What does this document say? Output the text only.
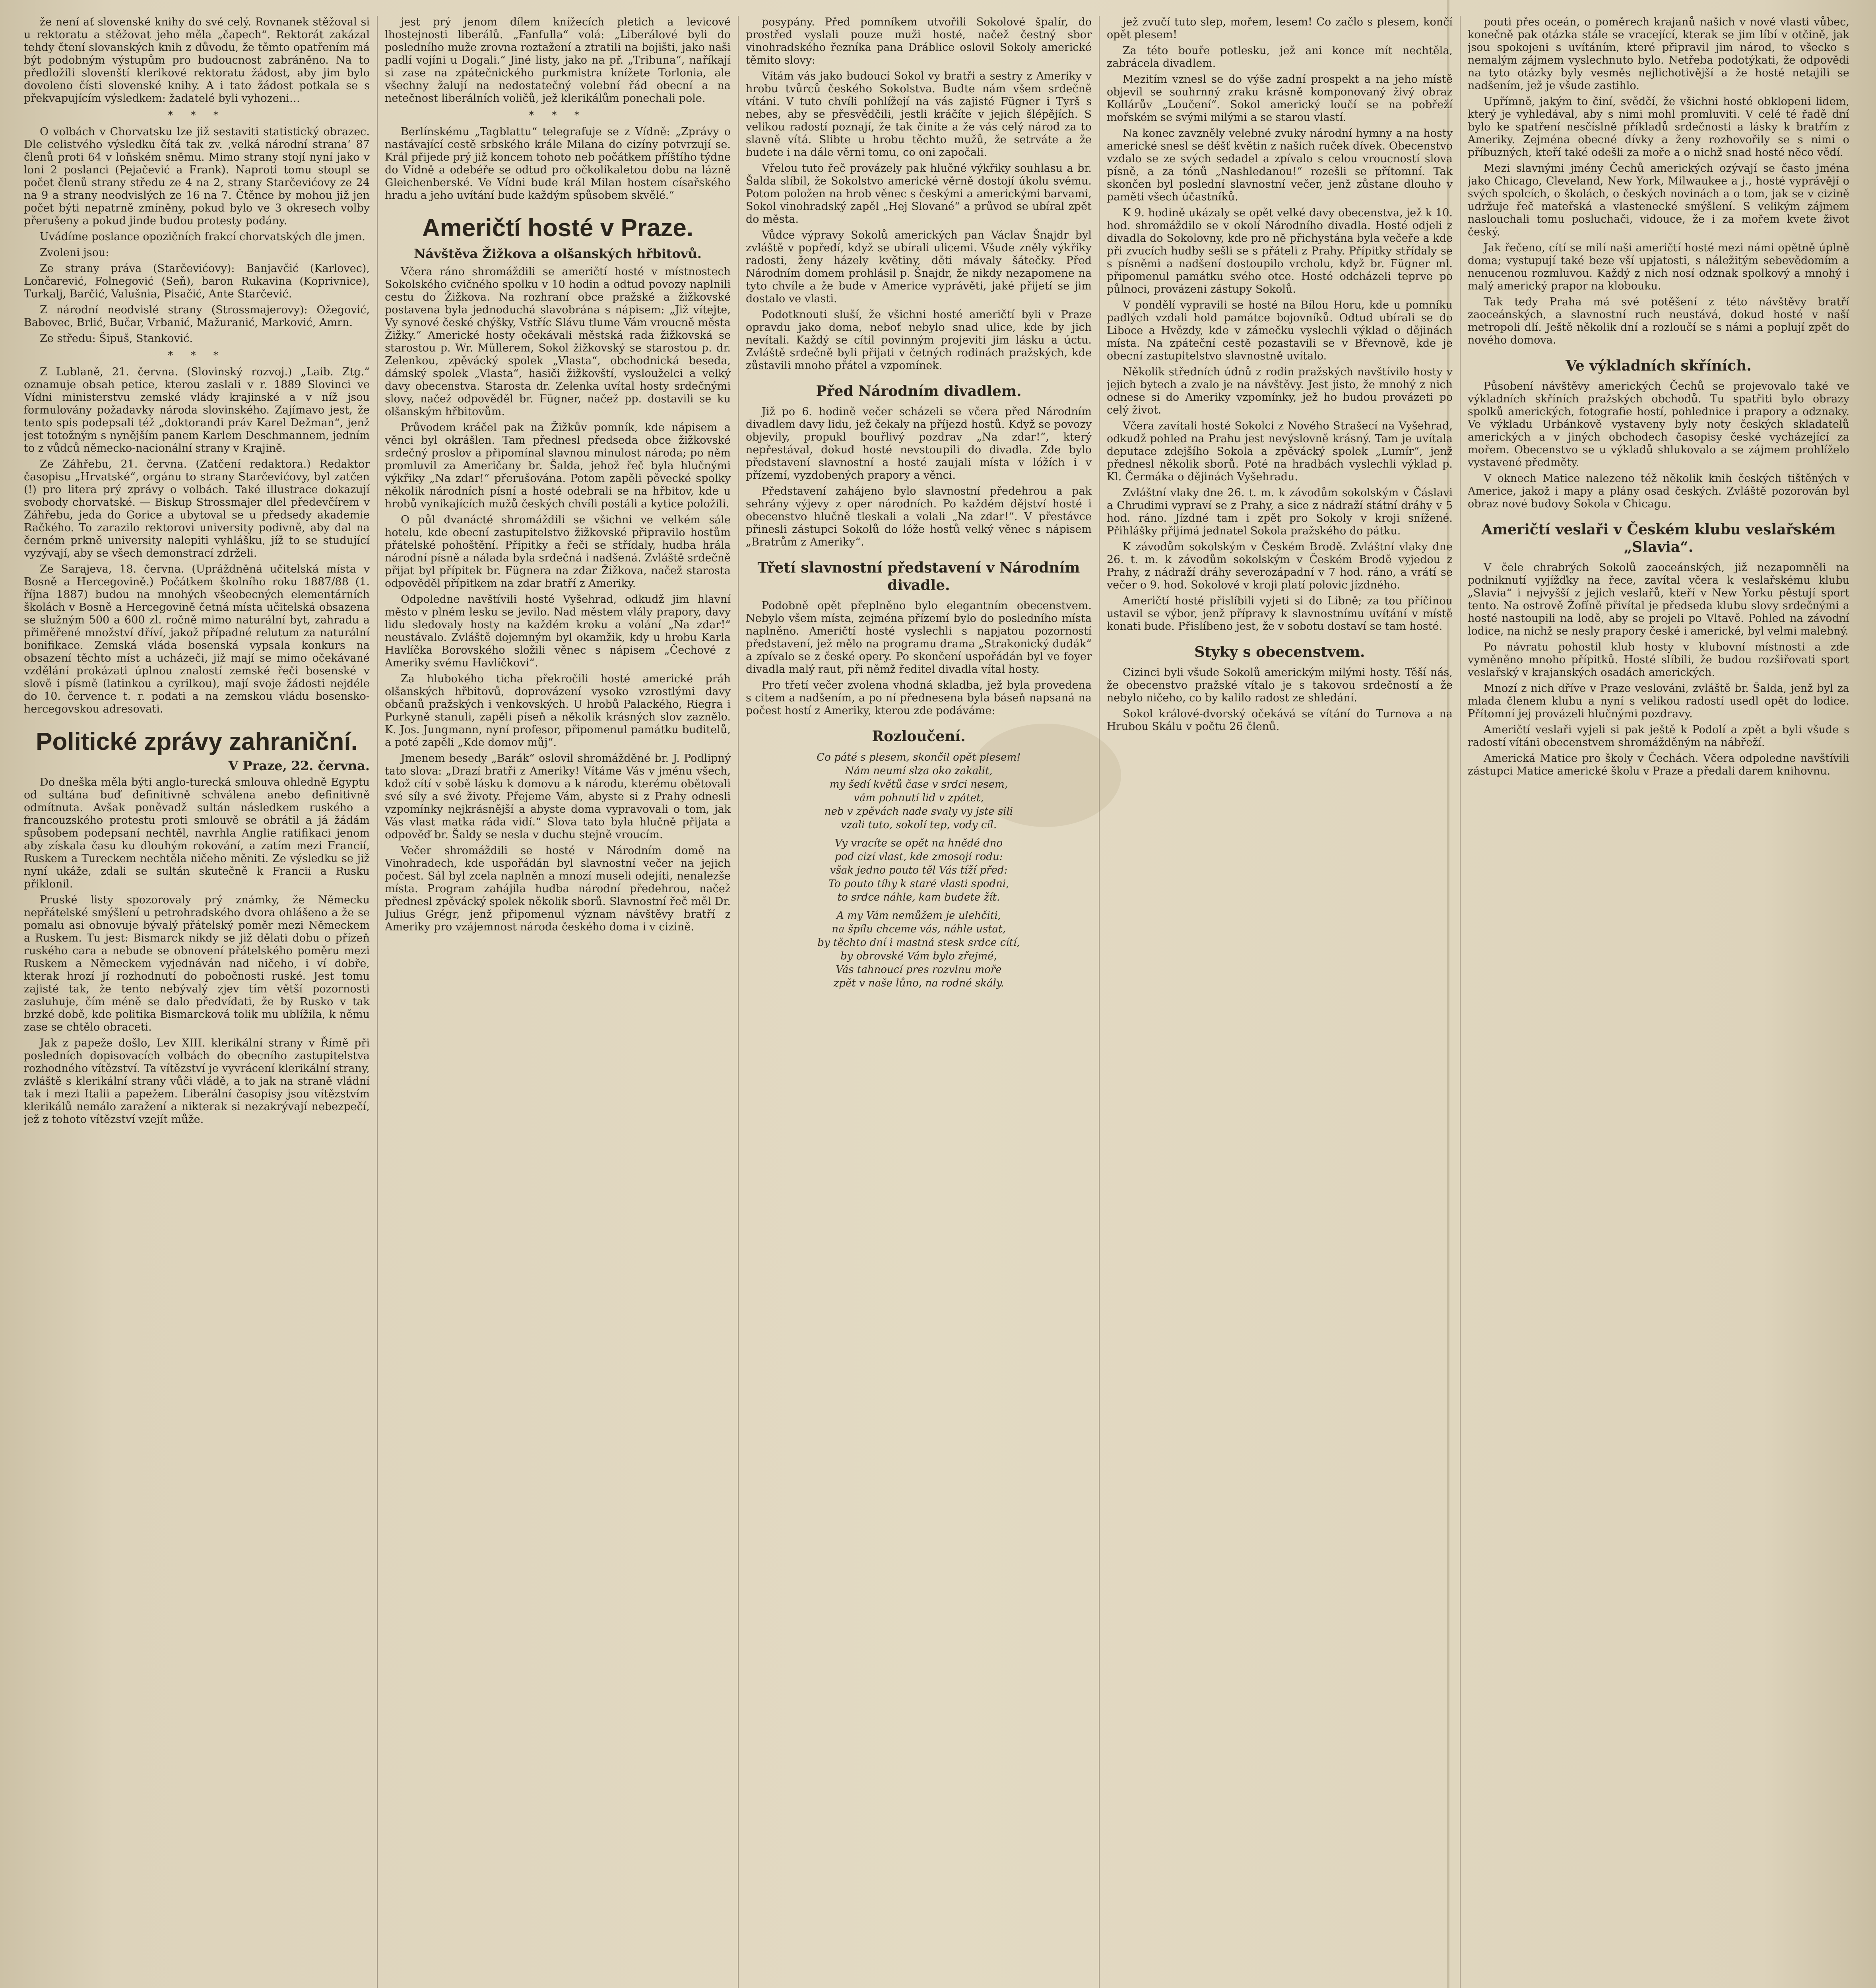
že není ať slovenské knihy do své celý. Rovnanek stěžoval si u rektoratu a stěžovat jeho měla „čapech“. Rektorát zakázal tehdy čtení slovanských knih z důvodu, že těmto opatřením má být podobným výstupům pro budoucnost zabráněno. Na to předložili slovenští klerikové rektoratu žádost, aby jim bylo dovoleno čísti slovenské knihy. A i tato žádost potkala se s překvapujícím výsledkem: žadatelé byli vyhozeni…

* * *

O volbách v Chorvatsku lze již sestaviti statistický obrazec. Dle celistvého výsledku čítá tak zv. ‚velká národní strana‘ 87 členů proti 64 v loňském sněmu. Mimo strany stojí nyní jako v loni 2 poslanci (Pejačević a Frank). Naproti tomu stoupl se počet členů strany středu ze 4 na 2, strany Starčevićovy ze 24 na 9 a strany neodvislých ze 16 na 7. Čtěnce by mohou již jen počet býti nepatrně zmíněny, pokud bylo ve 3 okresech volby přerušeny a pokud jinde budou protesty podány.

Uvádíme poslance opozičních frakcí chorvatských dle jmen.

Zvoleni jsou:

Ze strany práva (Starčevićovy): Banjavčić (Karlovec), Lončarević, Folnegović (Seň), baron Rukavina (Koprivnice), Turkalj, Barčić, Valušnia, Pisačić, Ante Starčević.

Z národní neodvislé strany (Strossmajerovy): Ožegović, Babovec, Brlić, Bučar, Vrbanić, Mažuranić, Marković, Amrn.

Ze středu: Šipuš, Stanković.

* * *

Z Lublaně, 21. června. (Slovinský rozvoj.) „Laib. Ztg.“ oznamuje obsah petice, kterou zaslali v r. 1889 Slovinci ve Vídni ministerstvu zemské vlády krajinské a v níž jsou formulovány požadavky národa slovinského. Zajímavo jest, že tento spis podepsali též „doktorandi práv Karel Dežman“, jenž jest totožným s nynějším panem Karlem Deschmannem, jedním to z vůdců německo-nacionální strany v Krajině.

Ze Záhřebu, 21. června. (Zatčení redaktora.) Redaktor časopisu „Hrvatské“, orgánu to strany Starčevićovy, byl zatčen (!) pro litera prý zprávy o volbách. Také illustrace dokazují svobody chorvatské. — Biskup Strossmajer dlel předevčírem v Záhřebu, jeda do Gorice a ubytoval se u předsedy akademie Račkého. To zarazilo rektorovi university podivně, aby dal na černém prkně university nalepiti vyhlášku, jíž to se studující vyzývají, aby se všech demonstrací zdrželi.

Ze Sarajeva, 18. června. (Upráždněná učitelská místa v Bosně a Hercegovině.) Počátkem školního roku 1887/88 (1. října 1887) budou na mnohých všeobecných elementárních školách v Bosně a Hercegovině četná místa učitelská obsazena se služným 500 a 600 zl. ročně mimo naturální byt, zahradu a přiměřené množství dříví, jakož případné relutum za naturální bonifikace. Zemská vláda bosenská vypsala konkurs na obsazení těchto míst a ucházeči, již mají se mimo očekávané vzdělání prokázati úplnou znalostí zemské řeči bosenské v slově i písmě (latinkou a cyrilkou), mají svoje žádosti nejdéle do 10. července t. r. podati a na zemskou vládu bosensko-hercegovskou adresovati.

Politické zprávy zahraniční.
V Praze, 22. června.

Do dneška měla býti anglo-turecká smlouva ohledně Egyptu od sultána buď definitivně schválena anebo definitivně odmítnuta. Avšak poněvadž sultán následkem ruského a francouzského protestu proti smlouvě se obrátil a já žádám spůsobem podepsaní nechtěl, navrhla Anglie ratifikaci jenom aby získala času ku dlouhým rokování, a zatím mezi Francií, Ruskem a Tureckem nechtěla ničeho měniti. Ze výsledku se již nyní ukáže, zdali se sultán skutečně k Francii a Rusku přiklonil.

Pruské listy spozorovaly prý známky, že Německu nepřátelské smýšlení u petrohradského dvora ohlášeno a že se pomalu asi obnovuje bývalý přátelský poměr mezi Německem a Ruskem. Tu jest: Bismarck nikdy se již dělati dobu o přízeň ruského cara a nebude se obnovení přátelského poměru mezi Ruskem a Německem vyjednáván nad ničeho, i ví dobře, kterak hrozí jí rozhodnutí do pobočnosti ruské. Jest tomu zajisté tak, že tento nebývalý zjev tím větší pozornosti zasluhuje, čím méně se dalo předvídati, že by Rusko v tak brzké době, kde politika Bismarcková tolik mu ublížila, k němu zase se chtělo obraceti.

Jak z papeže došlo, Lev XIII. klerikální strany v Římě při posledních dopisovacích volbách do obecního zastupitelstva rozhodného vítězství. Ta vítězství je vyvrácení klerikální strany, zvláště s klerikální strany vůči vládě, a to jak na straně vládní tak i mezi Italii a papežem. Liberální časopisy jsou vítězstvím klerikálů nemálo zaražení a nikterak si nezakrývají nebezpečí, jež z tohoto vítězství vzejít může.

jest prý jenom dílem knížecích pletich a levicové lhostejnosti liberálů. „Fanfulla“ volá: „Liberálové byli do posledního muže zrovna roztažení a ztratili na bojišti, jako naši padlí vojíni u Dogali.“ Jiné listy, jako na př. „Tribuna“, naříkají si zase na zpátečnického purkmistra knížete Torlonia, ale všechny žalují na nedostatečný volební řád obecní a na netečnost liberálních voličů, jež klerikálům ponechali pole.

* * *

Berlínskému „Tagblattu“ telegrafuje se z Vídně: „Zprávy o nastávající cestě srbského krále Milana do cizíny potvrzují se. Král přijede prý již koncem tohoto neb počátkem příštího týdne do Vídně a odebéře se odtud pro očkolikaletou dobu na lázně Gleichenberské. Ve Vídni bude král Milan hostem císařského hradu a jeho uvítání bude každým spůsobem skvělé.“

Američtí hosté v Praze.
Návštěva Žižkova a olšanských hřbitovů.

Včera ráno shromáždili se američtí hosté v místnostech Sokolského cvičného spolku v 10 hodin a odtud povozy naplnili cestu do Žižkova. Na rozhraní obce pražské a žižkovské postavena byla jednoduchá slavobrána s nápisem: „Již vítejte, Vy synové české chýšky, Vstříc Slávu tlume Vám vroucně města Žižky.“ Americké hosty očekávali městská rada žižkovská se starostou p. Wr. Müllerem, Sokol žižkovský se starostou p. dr. Zelenkou, zpěvácký spolek „Vlasta“, obchodnická beseda, dámský spolek „Vlasta“, hasiči žižkovští, vyslouželci a velký davy obecenstva. Starosta dr. Zelenka uvítal hosty srdečnými slovy, načež odpověděl br. Fügner, načež pp. dostavili se ku olšanským hřbitovům.

Průvodem kráčel pak na Žižkův pomník, kde nápisem a věnci byl okrášlen. Tam přednesl předseda obce žižkovské srdečný proslov a připomínal slavnou minulost národa; po něm promluvil za Američany br. Šalda, jehož řeč byla hlučnými výkřiky „Na zdar!“ přerušována. Potom zapěli pěvecké spolky několik národních písní a hosté odebrali se na hřbitov, kde u hrobů vynikajících mužů českých chvíli postáli a kytice položili.

O půl dvanácté shromáždili se všichni ve velkém sále hotelu, kde obecní zastupitelstvo žižkovské připravilo hostům přátelské pohoštění. Přípitky a řeči se střídaly, hudba hrála národní písně a nálada byla srdečná i nadšená. Zvláště srdečně přijat byl přípitek br. Fügnera na zdar Žižkova, načež starosta odpověděl přípitkem na zdar bratří z Ameriky.

Odpoledne navštívili hosté Vyšehrad, odkudž jim hlavní město v plném lesku se jevilo. Nad městem vlály prapory, davy lidu sledovaly hosty na každém kroku a volání „Na zdar!“ neustávalo. Zvláště dojemným byl okamžik, kdy u hrobu Karla Havlíčka Borovského složili věnec s nápisem „Čechové z Ameriky svému Havlíčkovi“.

Za hlubokého ticha překročili hosté americké práh olšanských hřbitovů, doprovázení vysoko vzrostlými davy občanů pražských i venkovských. U hrobů Palackého, Riegra i Purkyně stanuli, zapěli píseň a několik krásných slov zaznělo. K. Jos. Jungmann, nyní profesor, připomenul památku buditelů, a poté zapěli „Kde domov můj“.

Jmenem besedy „Barák“ oslovil shromážděné br. J. Podlipný tato slova: „Drazí bratři z Ameriky! Vítáme Vás v jménu všech, kdož cítí v sobě lásku k domovu a k národu, kterému obětovali své síly a své životy. Přejeme Vám, abyste si z Prahy odnesli vzpomínky nejkrásnější a abyste doma vypravovali o tom, jak Vás vlast matka ráda vidí.“ Slova tato byla hlučně přijata a odpověď br. Šaldy se nesla v duchu stejně vroucím.

Večer shromáždili se hosté v Národním domě na Vinohradech, kde uspořádán byl slavnostní večer na jejich počest. Sál byl zcela naplněn a mnozí museli odejíti, nenalezše místa. Program zahájila hudba národní předehrou, načež přednesl zpěvácký spolek několik sborů. Slavnostní řeč měl Dr. Julius Grégr, jenž připomenul význam návštěvy bratří z Ameriky pro vzájemnost národa českého doma i v cizině.

posypány. Před pomníkem utvořili Sokolové špalír, do prostřed vyslali pouze muži hosté, načež čestný sbor vinohradského řezníka pana Dráblice oslovil Sokoly americké těmito slovy:

Vítám vás jako budoucí Sokol vy bratři a sestry z Ameriky v hrobu tvůrců českého Sokolstva. Budte nám všem srdečně vítáni. V tuto chvíli pohlížejí na vás zajisté Fügner i Tyrš s nebes, aby se přesvědčili, jestli kráčíte v jejich šlépějích. S velikou radostí poznají, že tak činíte a že vás celý národ za to slavně vítá. Slibte u hrobu těchto mužů, že setrváte a že budete i na dále věrni tomu, co oni započali.

Vřelou tuto řeč provázely pak hlučné výkřiky souhlasu a br. Šalda slíbil, že Sokolstvo americké věrně dostojí úkolu svému. Potom položen na hrob věnec s českými a americkými barvami, Sokol vinohradský zapěl „Hej Slované“ a průvod se ubíral zpět do města.

Vůdce výpravy Sokolů amerických pan Václav Šnajdr byl zvláště v popředí, když se ubírali ulicemi. Všude zněly výkřiky radosti, ženy házely květiny, děti mávaly šátečky. Před Národním domem prohlásil p. Šnajdr, že nikdy nezapomene na tyto chvíle a že bude v Americe vyprávěti, jaké přijetí se jim dostalo ve vlasti.

Podotknouti sluší, že všichni hosté američtí byli v Praze opravdu jako doma, neboť nebylo snad ulice, kde by jich nevítali. Každý se cítil povinným projeviti jim lásku a úctu. Zvláště srdečně byli přijati v četných rodinách pražských, kde zůstavili mnoho přátel a vzpomínek.

Před Národním divadlem.

Již po 6. hodině večer scházeli se včera před Národním divadlem davy lidu, jež čekaly na příjezd hostů. Když se povozy objevily, propukl bouřlivý pozdrav „Na zdar!“, který nepřestával, dokud hosté nevstoupili do divadla. Zde bylo představení slavnostní a hosté zaujali místa v lóžích i v přízemí, vyzdobených prapory a věnci.

Představení zahájeno bylo slavnostní předehrou a pak sehrány výjevy z oper národních. Po každém dějství hosté i obecenstvo hlučně tleskali a volali „Na zdar!“. V přestávce přinesli zástupci Sokolů do lóže hostů velký věnec s nápisem „Bratrům z Ameriky“.

Třetí slavnostní představení v Národním divadle.

Podobně opět přeplněno bylo elegantním obecenstvem. Nebylo všem místa, zejména přízemí bylo do posledního místa naplněno. Američtí hosté vyslechli s napjatou pozorností představení, jež mělo na programu drama „Strakonický dudák“ a zpívalo se z české opery. Po skončení uspořádán byl ve foyer divadla malý raut, při němž ředitel divadla vítal hosty.

Pro třetí večer zvolena vhodná skladba, jež byla provedena s citem a nadšením, a po ní přednesena byla báseň napsaná na počest hostí z Ameriky, kterou zde podáváme:

Rozloučení.
Co páté s plesem, skončil opět plesem!
Nám neumí slza oko zakalit,
my šedí květů čase v srdci nesem,
vám pohnutí lid v zpátet,
neb v zpěvách nade svaly vy jste sili
vzali tuto, sokolí tep, vody cíl.
Vy vracíte se opět na hnědé dno
pod cizí vlast, kde zmosojí rodu:
však jedno pouto těl Vás tíží před:
To pouto tíhy k staré vlasti spodni,
to srdce náhle, kam budete žít.
A my Vám nemůžem je ulehčiti,
na špílu chceme vás, náhle ustat,
by těchto dní i mastná stesk srdce cítí,
by obrovské Vám bylo zřejmé,
Vás tahnoucí pres rozvlnu moře
zpět v naše lůno, na rodné skály.

jež zvučí tuto slep, mořem, lesem! Co začlo s plesem, končí opět plesem!

Za této bouře potlesku, jež ani konce mít nechtěla, zabrácela divadlem.

Mezitím vznesl se do výše zadní prospekt a na jeho místě objevil se souhrnný zraku krásně komponovaný živý obraz Kollárův „Loučení“. Sokol americký loučí se na pobřeží mořském se svými milými a se starou vlastí.

Na konec zavzněly velebné zvuky národní hymny a na hosty americké snesl se déšť květin z našich ruček dívek. Obecenstvo vzdalo se ze svých sedadel a zpívalo s celou vroucností slova písně, a za tónů „Nashledanou!“ rozešli se přítomní. Tak skončen byl poslední slavnostní večer, jenž zůstane dlouho v paměti všech účastníků.

K 9. hodině ukázaly se opět velké davy obecenstva, jež k 10. hod. shromáždilo se v okolí Národního divadla. Hosté odjeli z divadla do Sokolovny, kde pro ně přichystána byla večeře a kde při zvucích hudby sešli se s přáteli z Prahy. Přípitky střídaly se s písněmi a nadšení dostoupilo vrcholu, když br. Fügner ml. připomenul památku svého otce. Hosté odcházeli teprve po půlnoci, provázeni zástupy Sokolů.

V pondělí vypravili se hosté na Bílou Horu, kde u pomníku padlých vzdali hold památce bojovníků. Odtud ubírali se do Liboce a Hvězdy, kde v zámečku vyslechli výklad o dějinách místa. Na zpáteční cestě pozastavili se v Břevnově, kde je obecní zastupitelstvo slavnostně uvítalo.

Několik středních údnů z rodin pražských navštívilo hosty v jejich bytech a zvalo je na návštěvy. Jest jisto, že mnohý z nich odnese si do Ameriky vzpomínky, jež ho budou provázeti po celý život.

Včera zavítali hosté Sokolci z Nového Strašecí na Vyšehrad, odkudž pohled na Prahu jest nevýslovně krásný. Tam je uvítala deputace zdejšího Sokola a zpěvácký spolek „Lumír“, jenž přednesl několik sborů. Poté na hradbách vyslechli výklad p. Kl. Čermáka o dějinách Vyšehradu.

Zvláštní vlaky dne 26. t. m. k závodům sokolským v Čáslavi a Chrudimi vypraví se z Prahy, a sice z nádraží státní dráhy v 5 hod. ráno. Jízdné tam i zpět pro Sokoly v kroji snížené. Přihlášky přijímá jednatel Sokola pražského do pátku.

K závodům sokolským v Českém Brodě. Zvláštní vlaky dne 26. t. m. k závodům sokolským v Českém Brodě vyjedou z Prahy, z nádraží dráhy severozápadní v 7 hod. ráno, a vrátí se večer o 9. hod. Sokolové v kroji platí polovic jízdného.

Američtí hosté přislíbili vyjeti si do Libně; za tou příčinou ustavil se výbor, jenž přípravy k slavnostnímu uvítání v místě konati bude. Přislíbeno jest, že v sobotu dostaví se tam hosté.

Styky s obecenstvem.

Cizinci byli všude Sokolů americkým milými hosty. Těší nás, že obecenstvo pražské vítalo je s takovou srdečností a že nebylo ničeho, co by kalilo radost ze shledání.

Sokol králové-dvorský očekává se vítání do Turnova a na Hrubou Skálu v počtu 26 členů.

pouti přes oceán, o poměrech krajanů našich v nové vlasti vůbec, konečně pak otázka stále se vracející, kterak se jim líbí v otčině, jak jsou spokojeni s uvítáním, které připravil jim národ, to všecko s nemalým zájmem vyslechnuto bylo. Netřeba podotýkati, že odpovědi na tyto otázky byly vesměs nejlichotivější a že hosté netajili se nadšením, jež je všude zastihlo.

Upřímně, jakým to činí, svědčí, že všichni hosté obklopeni lidem, který je vyhledával, aby s nimi mohl promluviti. V celé té řadě dní bylo ke spatření nesčíslně příkladů srdečnosti a lásky k bratřím z Ameriky. Zejména obecné dívky a ženy rozhovořily se s nimi o příbuzných, kteří také odešli za moře a o nichž snad hosté něco vědí.

Mezi slavnými jmény Čechů amerických ozývají se často jména jako Chicago, Cleveland, New York, Milwaukee a j., hosté vyprávějí o svých spolcích, o školách, o českých novinách a o tom, jak se v cizině udržuje řeč mateřská a vlastenecké smýšlení. S velikým zájmem naslouchali tomu posluchači, vidouce, že i za mořem kvete život český.

Jak řečeno, cítí se milí naši američtí hosté mezi námi opětně úplně doma; vystupují také beze vší upjatosti, s náležitým sebevědomím a nenucenou rozmluvou. Každý z nich nosí odznak spolkový a mnohý i malý americký prapor na klobouku.

Tak tedy Praha má své potěšení z této návštěvy bratří zaoceánských, a slavnostní ruch neustává, dokud hosté v naší metropoli dlí. Ještě několik dní a rozloučí se s námi a poplují zpět do nového domova.

Ve výkladních skříních.

Působení návštěvy amerických Čechů se projevovalo také ve výkladních skříních pražských obchodů. Tu spatřiti bylo obrazy spolků amerických, fotografie hostí, pohlednice i prapory a odznaky. Ve výkladu Urbánkově vystaveny byly noty českých skladatelů amerických a v jiných obchodech časopisy české vycházející za mořem. Obecenstvo se u výkladů shlukovalo a se zájmem prohlíželo vystavené předměty.

V oknech Matice nalezeno též několik knih českých tištěných v Americe, jakož i mapy a plány osad českých. Zvláště pozorován byl obraz nové budovy Sokola v Chicagu.

Američtí veslaři v Českém klubu veslařském „Slavia“.

V čele chrabrých Sokolů zaoceánských, již nezapomněli na podniknutí vyjížďky na řece, zavítal včera k veslařskému klubu „Slavia“ i nejvyšší z jejich veslařů, kteří v New Yorku pěstují sport tento. Na ostrově Žofíně přivítal je předseda klubu slovy srdečnými a hosté nastoupili na lodě, aby se projeli po Vltavě. Pohled na závodní lodice, na nichž se nesly prapory české i americké, byl velmi malebný.

Po návratu pohostil klub hosty v klubovní místnosti a zde vyměněno mnoho přípitků. Hosté slíbili, že budou rozšiřovati sport veslařský v krajanských osadách amerických.

Mnozí z nich dříve v Praze veslováni, zvláště br. Šalda, jenž byl za mlada členem klubu a nyní s velikou radostí usedl opět do lodice. Přítomní jej provázeli hlučnými pozdravy.

Američtí veslaři vyjeli si pak ještě k Podolí a zpět a byli všude s radostí vítáni obecenstvem shromážděným na nábřeží.

Americká Matice pro školy v Čechách. Včera odpoledne navštívili zástupci Matice americké školu v Praze a předali darem knihovnu.
